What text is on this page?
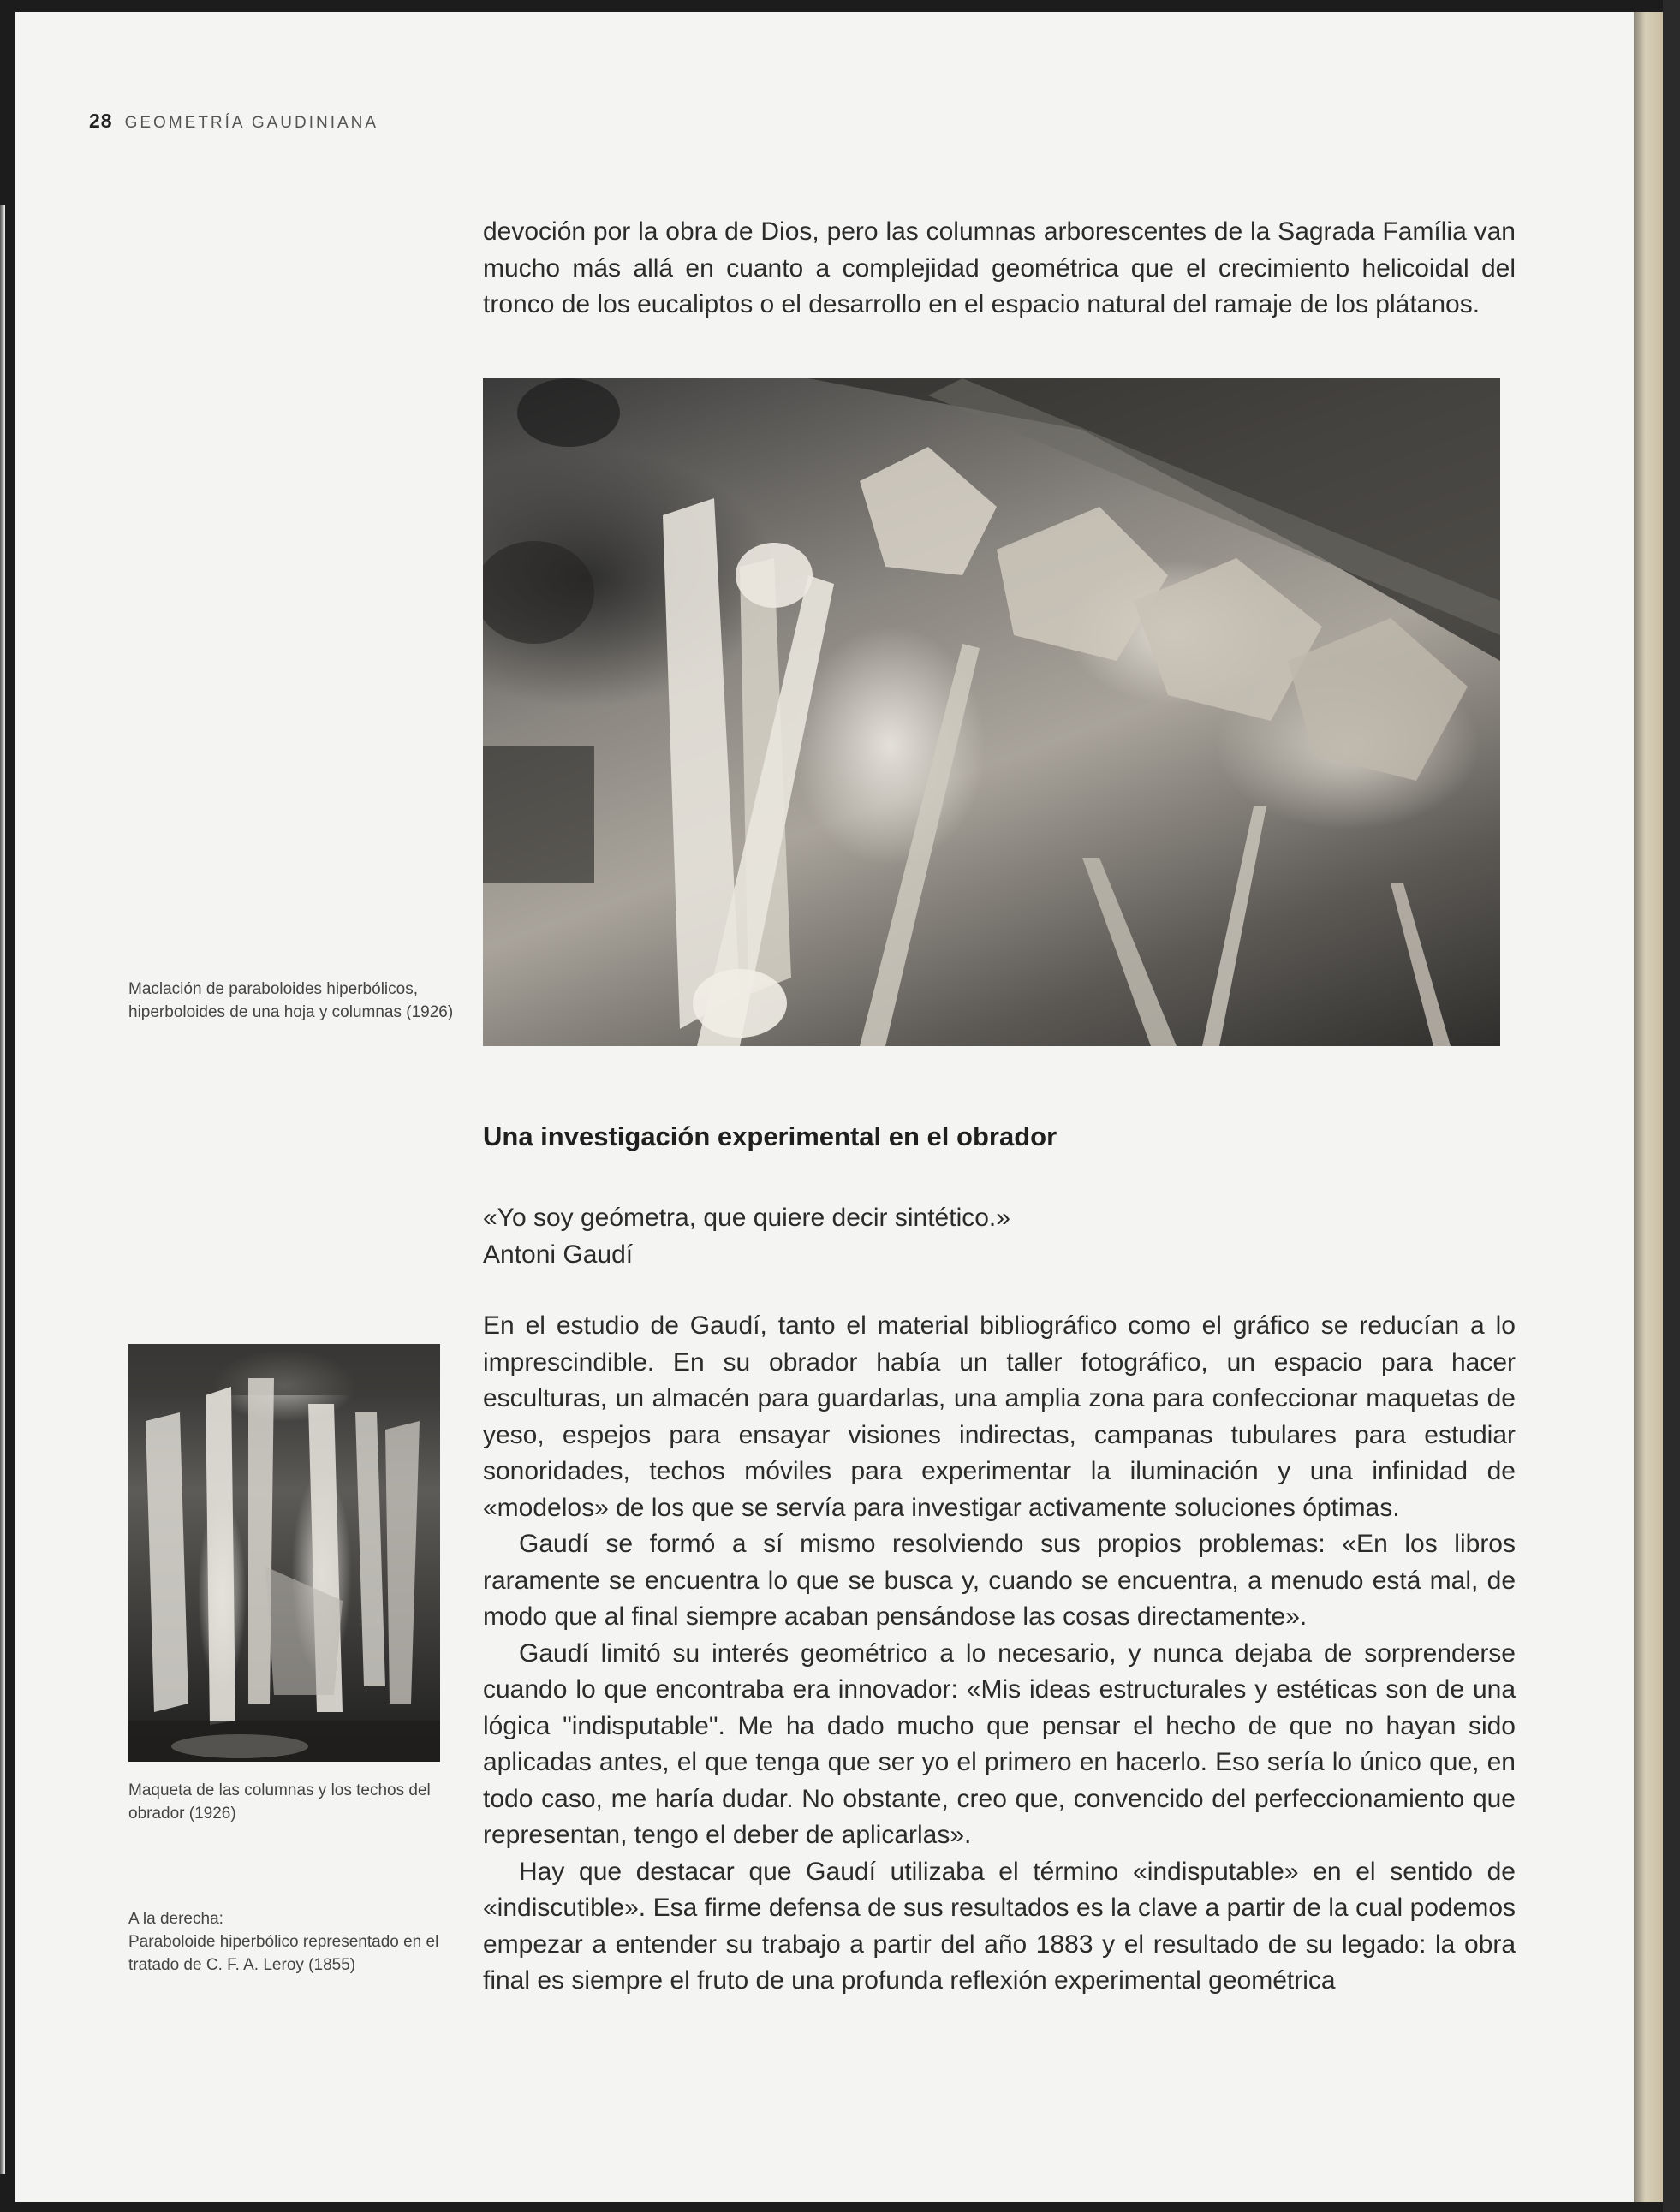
28 GEOMETRÍA GAUDINIANA
devoción por la obra de Dios, pero las columnas arborescentes de la Sagrada Família van mucho más allá en cuanto a complejidad geométrica que el crecimiento helicoidal del tronco de los eucaliptos o el desarrollo en el espacio natural del ramaje de los plátanos.
Maclación de paraboloides hiperbólicos, hiperboloides de una hoja y columnas (1926)
Una investigación experimental en el obrador
«Yo soy geómetra, que quiere decir sintético.»
Antoni Gaudí

En el estudio de Gaudí, tanto el material bibliográfico como el gráfico se reducían a lo imprescindible. En su obrador había un taller fotográfico, un espacio para hacer esculturas, un almacén para guardarlas, una amplia zona para confeccionar maquetas de yeso, espejos para ensayar visiones indirectas, campanas tubulares para estudiar sonoridades, techos móviles para experimentar la iluminación y una infinidad de «modelos» de los que se servía para investigar activamente soluciones óptimas.

Gaudí se formó a sí mismo resolviendo sus propios problemas: «En los libros raramente se encuentra lo que se busca y, cuando se encuentra, a menudo está mal, de modo que al final siempre acaban pensándose las cosas directamente».

Gaudí limitó su interés geométrico a lo necesario, y nunca dejaba de sorprenderse cuando lo que encontraba era innovador: «Mis ideas estructurales y estéticas son de una lógica "indisputable". Me ha dado mucho que pensar el hecho de que no hayan sido aplicadas antes, el que tenga que ser yo el primero en hacerlo. Eso sería lo único que, en todo caso, me haría dudar. No obstante, creo que, convencido del perfeccionamiento que representan, tengo el deber de aplicarlas».

Hay que destacar que Gaudí utilizaba el término «indisputable» en el sentido de «indiscutible». Esa firme defensa de sus resultados es la clave a partir de la cual podemos empezar a entender su trabajo a partir del año 1883 y el resultado de su legado: la obra final es siempre el fruto de una profunda reflexión experimental geométrica

Maqueta de las columnas y los techos del obrador (1926)
A la derecha:
Paraboloide hiperbólico representado en el tratado de C. F. A. Leroy (1855)
